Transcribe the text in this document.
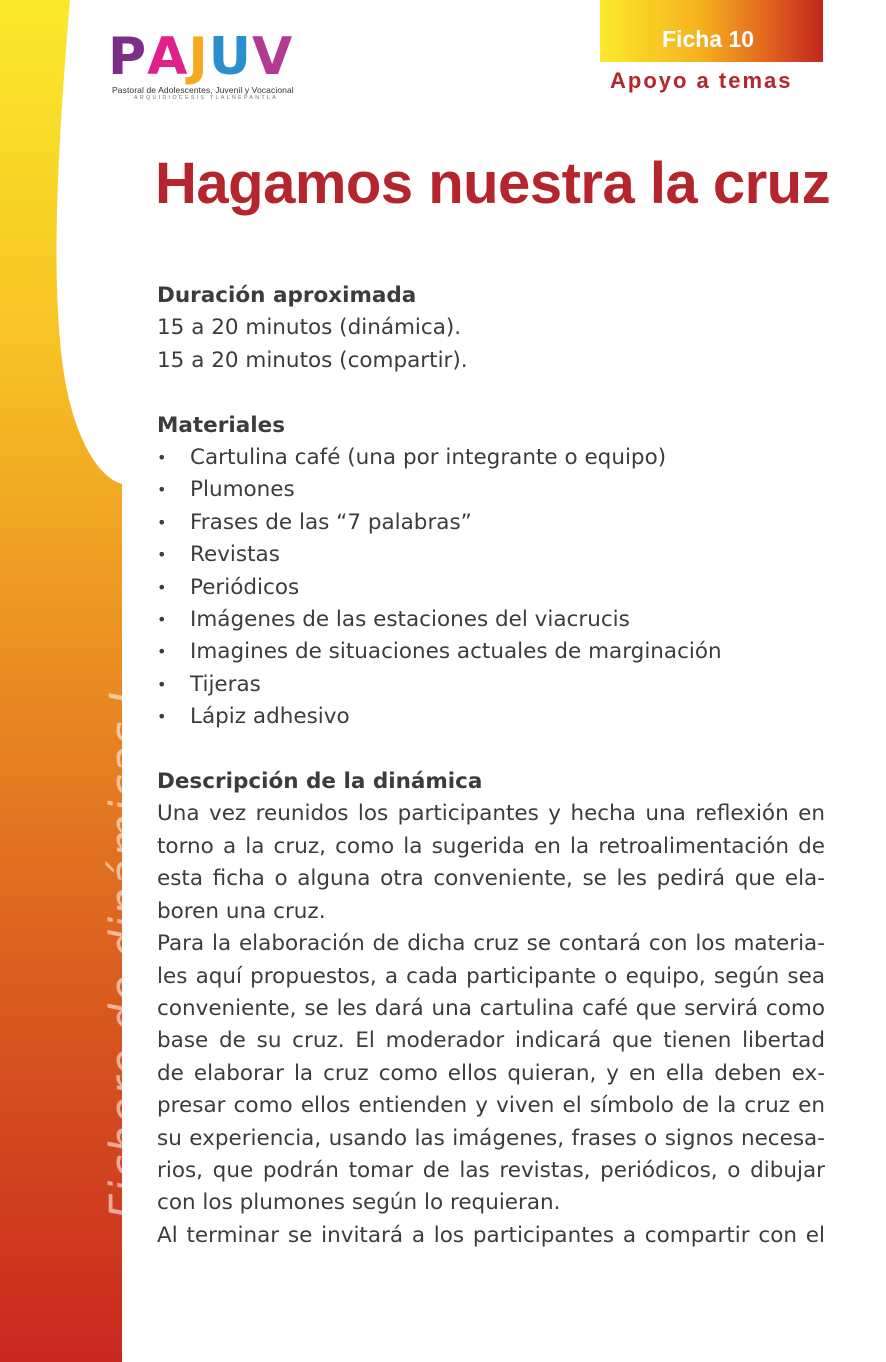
Fichero de dinámicas I
P A J U V
Pastoral de Adolescentes, Juvenil y Vocacional
ARQUIDIOCESIS TLALNEPANTLA
Ficha 10
Apoyo a temas
Hagamos nuestra la cruz
Duración aproximada

15 a 20 minutos (dinámica).

15 a 20 minutos (compartir).

Materiales
• Cartulina café (una por integrante o equipo)
• Plumones
• Frases de las “7 palabras”
• Revistas
• Periódicos
• Imágenes de las estaciones del viacrucis
• Imagines de situaciones actuales de marginación
• Tijeras
• Lápiz adhesivo
Descripción de la dinámica

Una vez reunidos los participantes y hecha una reflexión en

torno a la cruz, como la sugerida en la retroalimentación de

esta ficha o alguna otra conveniente, se les pedirá que ela-

boren una cruz.

Para la elaboración de dicha cruz se contará con los materia-

les aquí propuestos, a cada participante o equipo, según sea

conveniente, se les dará una cartulina café que servirá como

base de su cruz. El moderador indicará que tienen libertad

de elaborar la cruz como ellos quieran, y en ella deben ex-

presar como ellos entienden y viven el símbolo de la cruz en

su experiencia, usando las imágenes, frases o signos necesa-

rios, que podrán tomar de las revistas, periódicos, o dibujar

con los plumones según lo requieran.

Al terminar se invitará a los participantes a compartir con el
